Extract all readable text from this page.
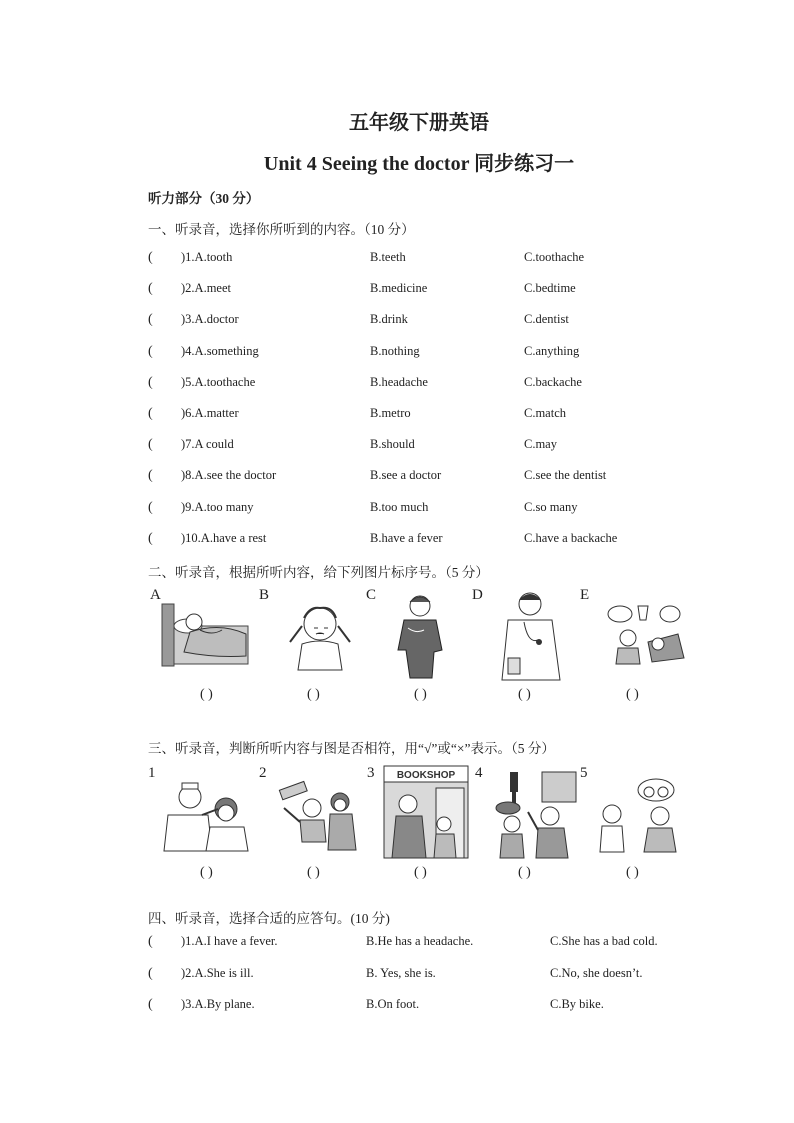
五年级下册英语
Unit 4 Seeing the doctor 同步练习一
听力部分（30 分）
一、听录音，选择你所听到的内容。（10 分）
( )1.A.tooth	B.teeth	C.toothache
( )2.A.meet	B.medicine	C.bedtime
( )3.A.doctor	B.drink	C.dentist
( )4.A.something	B.nothing	C.anything
( )5.A.toothache	B.headache	C.backache
( )6.A.matter	B.metro	C.match
( )7.A could	B.should	C.may
( )8.A.see the doctor	B.see a doctor	C.see the dentist
( )9.A.too many	B.too much	C.so many
( )10.A.have a rest	B.have a fever	C.have a backache
二、听录音，根据所听内容，给下列图片标序号。（5 分）
A	B	C	D	E
( )	( )	( )	( )	( )
三、听录音，判断所听内容与图是否相符，用“√”或“×”表示。（5 分）
1	2	3	4	5
BOOKSHOP
( )	( )	( )	( )	( )
四、听录音，选择合适的应答句。(10 分)
( )1.A.I have a fever.	B.He has a headache.	C.She has a bad cold.
( )2.A.She is ill.	B. Yes, she is.	C.No, she doesn’t.
( )3.A.By plane.	B.On foot.	C.By bike.
